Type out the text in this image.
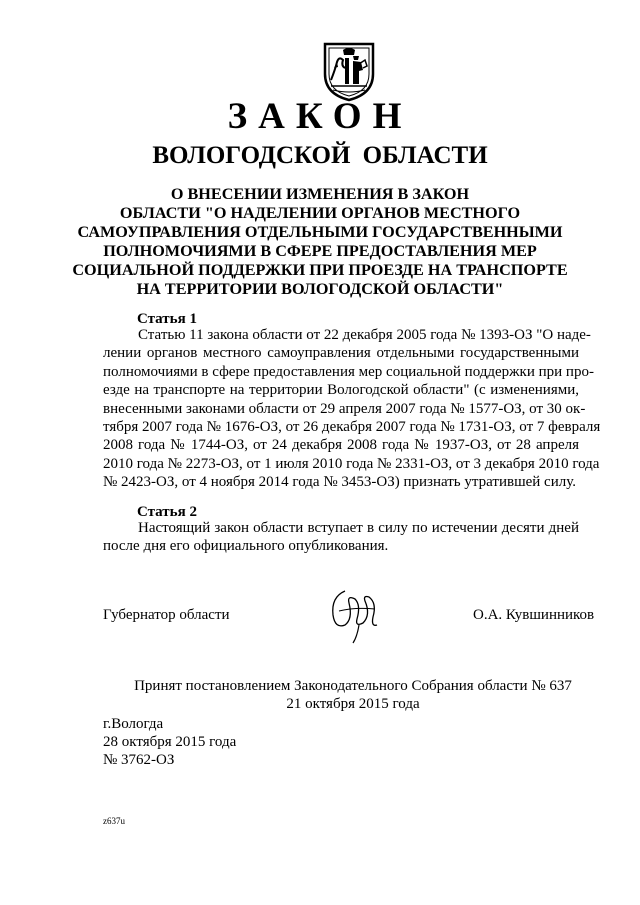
ЗАКОН
ВОЛОГОДСКОЙ ОБЛАСТИ
О ВНЕСЕНИИ ИЗМЕНЕНИЯ В ЗАКОН
ОБЛАСТИ "О НАДЕЛЕНИИ ОРГАНОВ МЕСТНОГО
САМОУПРАВЛЕНИЯ ОТДЕЛЬНЫМИ ГОСУДАРСТВЕННЫМИ
ПОЛНОМОЧИЯМИ В СФЕРЕ ПРЕДОСТАВЛЕНИЯ МЕР
СОЦИАЛЬНОЙ ПОДДЕРЖКИ ПРИ ПРОЕЗДЕ НА ТРАНСПОРТЕ
НА ТЕРРИТОРИИ ВОЛОГОДСКОЙ ОБЛАСТИ"
Статья 1
Статью 11 закона области от 22 декабря 2005 года № 1393-ОЗ "О наде-
лении органов местного самоуправления отдельными государственными
полномочиями в сфере предоставления мер социальной поддержки при про-
езде на транспорте на территории Вологодской области" (с изменениями,
внесенными законами области от 29 апреля 2007 года № 1577-ОЗ, от 30 ок-
тября 2007 года № 1676-ОЗ, от 26 декабря 2007 года № 1731-ОЗ, от 7 февраля
2008 года № 1744-ОЗ, от 24 декабря 2008 года № 1937-ОЗ, от 28 апреля
2010 года № 2273-ОЗ, от 1 июля 2010 года № 2331-ОЗ, от 3 декабря 2010 года
№ 2423-ОЗ, от 4 ноября 2014 года № 3453-ОЗ) признать утратившей силу.
Статья 2
Настоящий закон области вступает в силу по истечении десяти дней
после дня его официального опубликования.
Губернатор области	О.А. Кувшинников
Принят постановлением Законодательного Собрания области № 637
21 октября 2015 года
г.Вологда
28 октября 2015 года
№ 3762-ОЗ
z637u
